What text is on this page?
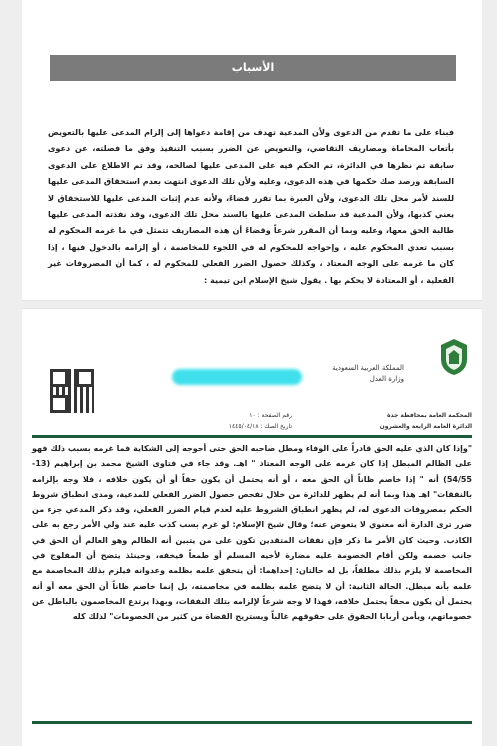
الأسباب
فبناء على ما تقدم من الدعوى ولأن المدعية تهدف من إقامة دعواها إلى إلزام المدعى عليها بالتعويض بأتعاب المحاماة ومصاريف التقاضي، والتعويض عن الضرر بسبب التنفيذ وفق ما فصلته، عن دعوى سابقة تم نظرها في الدائرة، تم الحكم فيه على المدعى عليها لصالحه، وقد تم الاطلاع على الدعوى السابقة ورصد صك حكمها في هذه الدعوى، وعليه ولأن تلك الدعوى انتهت بعدم استحقاق المدعى عليها للسند لأمر محل تلك الدعوى، ولأن العبرة بما تقرر قضاءً، ولأنه عدم إثبات المدعى عليها للاستحقاق لا يعني كذبها، ولأن المدعية قد سلطت المدعى عليها بالسند محل تلك الدعوى، وقد نفذته المدعى عليها طالبة الحق معها، وعليه وبما أن المقرر شرعاً وقضاءً أن هذه المصاريف تتمثل في ما غرمه المحكوم له بسبب تعدي المحكوم عليه ، وإحواجه للمحكوم له في اللجوء للمخاصمة ، أو إلزامه بالدخول فيها ، إذا كان ما غرمه على الوجه المعتاد ، وكذلك حصول الضرر الفعلي للمحكوم له ، كما أن المصروفات غير الفعلية ، أو المعتادة لا يحكم بها . يقول شيخ الإسلام ابن تيمية :
المملكة العربية السعودية
وزارة العدل
المحكمة العامة بمحافظة جدة
الدائرة العامة الرابعة والعشرون
رقم الصفحة : ١٠
تاريخ الصك : ١٤٤٥/٠٤/١٨
"وإذا كان الذي عليه الحق قادراً على الوفاء ومطل صاحبه الحق حتى أحوجه إلى الشكاية فما غرمه بسبب ذلك فهو على الظالم المبطل إذا كان غرمه على الوجه المعتاد " اهـ. وقد جاء في فتاوى الشيخ محمد بن إبراهيم (13-54/55) أنه " إذا خاصم ظاناً أن الحق معه ، أو أنه يحتمل أن يكون حقاً أو أن يكون خلافه ، فلا وجه بإلزامه بالنفقات" اهـ هذا وبما أنه لم يظهر للدائرة من خلال تفحص حصول الضرر الفعلي للمدعية، ومدى انطباق شروط الحكم بمصروفات الدعوى له، لم يظهر انطباق الشروط عليه لعدم قيام الضرر الفعلي، وقد ذكر المدعي جزء من ضرر ترى الدارة أنه معنوي لا يتعوض عنه؛ وقال شيخ الإسلام: لو غرم بسب كذب عليه عند ولي الأمر رجع به على الكاذب. وحيث كان الأمر ما ذكر فإن نفقات المتقدين تكون على من يتبين أنه الظالم وهو العالم أن الحق في جانب خصمه ولكن أقام الخصومة عليه مضارة لأخيه المسلم أو طمعاً فيخفه، وحينئذ يتضح أن المفلوج في المخاصمة لا يلزم بذلك مطلقاً، بل له حالتان: إحداهما: أن يتحقق علمه بظلمه وعدوانه فيلزم بذلك المخاصمة مع علمه بأنه مبطل. الحالة الثانية: أن لا يتضح علمه بظلمه في مخاصمته، بل إنما خاصم ظاناً أن الحق معه أو أنه يحتمل أن يكون محقاً يحتمل خلافه، فهذا لا وجه شرعاً لإلزامه بتلك النفقات، وبهذا يرتدع المخاصمون بالباطل عن خصوماتهم، ويأمن أربابا الحقوق على حقوقهم غالباً ويستريح القضاة من كثير من الخصومات" لذلك كله
